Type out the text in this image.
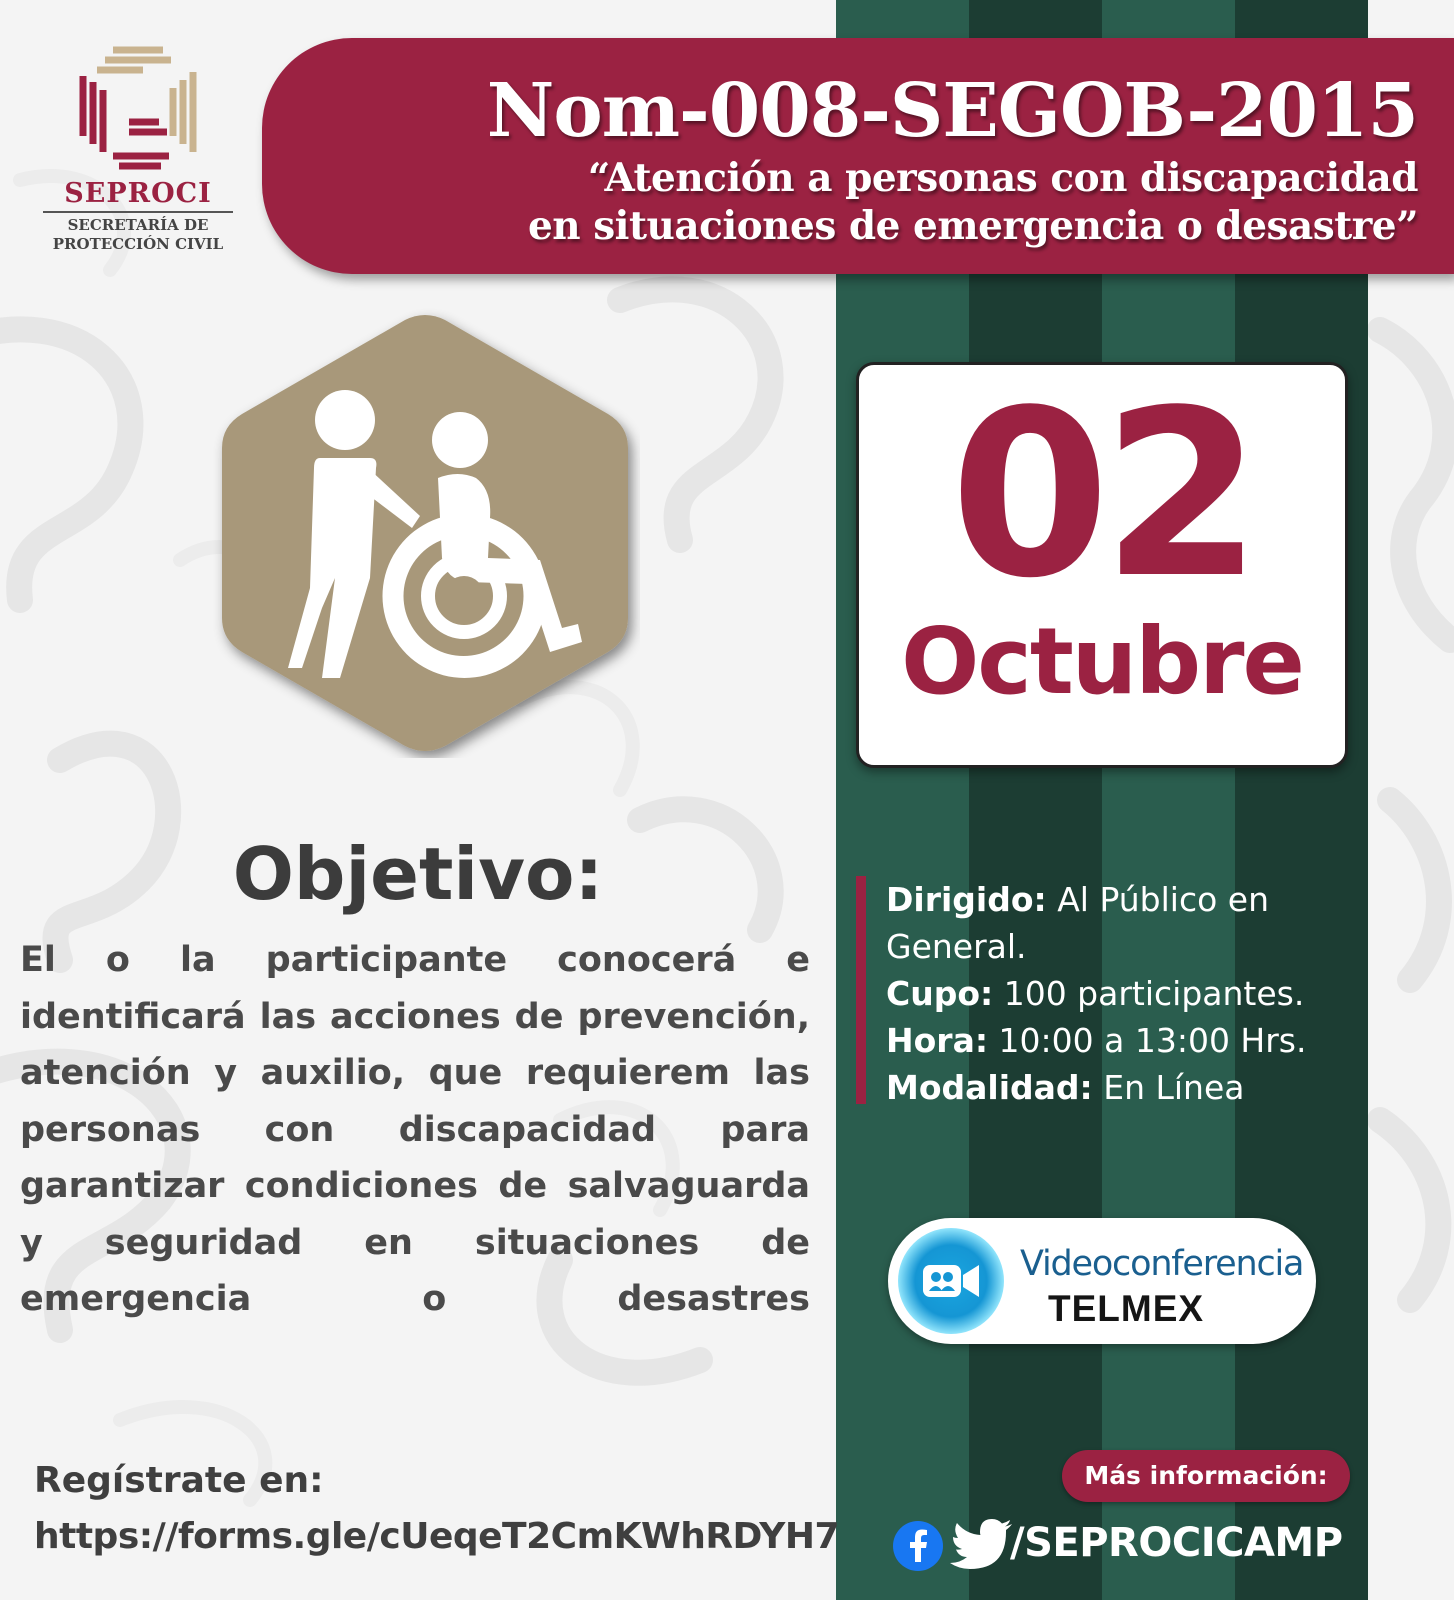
SEPROCI
SECRETARÍA DE
PROTECCIÓN CIVIL
Nom-008-SEGOB-2015
“Atención a personas con discapacidad
en situaciones de emergencia o desastre”
02
Octubre
Objetivo:
El o la participante conocerá e identificará las acciones de prevención, atención y auxilio, que requierem las personas con discapacidad para garantizar condiciones de salvaguarda y seguridad en situaciones de emergencia o desastres
Dirigido: Al Público en General.
Cupo: 100 participantes.
Hora: 10:00 a 13:00 Hrs.
Modalidad: En Línea
Videoconferencia
TELMEX
Regístrate en:
https://forms.gle/cUeqeT2CmKWhRDYH7
Más información:
/SEPROCICAMP
